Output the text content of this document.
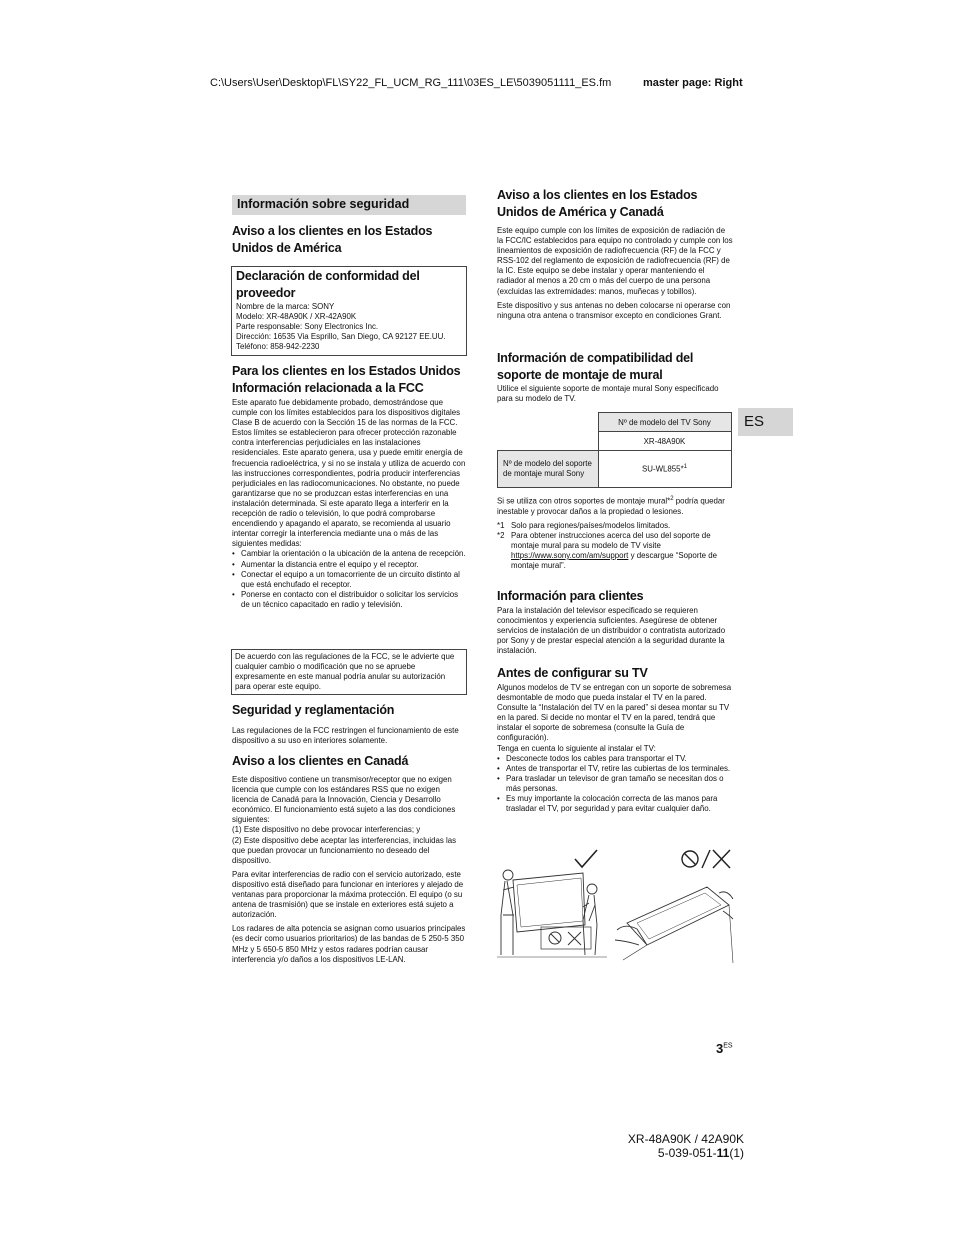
C:\Users\User\Desktop\FL\SY22_FL_UCM_RG_111\03ES_LE\5039051111_ES.fm	master page: Right
Información sobre seguridad

Aviso a los clientes en los Estados Unidos de América

Declaración de conformidad del proveedor

Nombre de la marca: SONY

Modelo: XR-48A90K / XR-42A90K

Parte responsable: Sony Electronics Inc.

Dirección: 16535 Via Esprillo, San Diego, CA 92127 EE.UU.

Teléfono: 858-942-2230

Para los clientes en los Estados Unidos Información relacionada a la FCC

Este aparato fue debidamente probado, demostrándose que cumple con los límites establecidos para los dispositivos digitales Clase B de acuerdo con la Sección 15 de las normas de la FCC. Estos límites se establecieron para ofrecer protección razonable contra interferencias perjudiciales en las instalaciones residenciales. Este aparato genera, usa y puede emitir energía de frecuencia radioeléctrica, y si no se instala y utiliza de acuerdo con las instrucciones correspondientes, podría producir interferencias perjudiciales en las radiocomunicaciones. No obstante, no puede garantizarse que no se produzcan estas interferencias en una instalación determinada. Si este aparato llega a interferir en la recepción de radio o televisión, lo que podrá comprobarse encendiendo y apagando el aparato, se recomienda al usuario intentar corregir la interferencia mediante una o más de las siguientes medidas:

• Cambiar la orientación o la ubicación de la antena de recepción.
• Aumentar la distancia entre el equipo y el receptor.
• Conectar el equipo a un tomacorriente de un circuito distinto al que está enchufado el receptor.
• Ponerse en contacto con el distribuidor o solicitar los servicios de un técnico capacitado en radio y televisión.

De acuerdo con las regulaciones de la FCC, se le advierte que cualquier cambio o modificación que no se apruebe expresamente en este manual podría anular su autorización para operar este equipo.

Seguridad y reglamentación

Las regulaciones de la FCC restringen el funcionamiento de este dispositivo a su uso en interiores solamente.

Aviso a los clientes en Canadá

Este dispositivo contiene un transmisor/receptor que no exigen licencia que cumple con los estándares RSS que no exigen licencia de Canadá para la Innovación, Ciencia y Desarrollo económico. El funcionamiento está sujeto a las dos condiciones siguientes:

(1) Este dispositivo no debe provocar interferencias; y

(2) Este dispositivo debe aceptar las interferencias, incluidas las que puedan provocar un funcionamiento no deseado del dispositivo.

Para evitar interferencias de radio con el servicio autorizado, este dispositivo está diseñado para funcionar en interiores y alejado de ventanas para proporcionar la máxima protección. El equipo (o su antena de trasmisión) que se instale en exteriores está sujeto a autorización.

Los radares de alta potencia se asignan como usuarios principales (es decir como usuarios prioritarios) de las bandas de 5 250-5 350 MHz y 5 650-5 850 MHz y estos radares podrían causar interferencia y/o daños a los dispositivos LE-LAN.

Aviso a los clientes en los Estados Unidos de América y Canadá

Este equipo cumple con los límites de exposición de radiación de la FCC/IC establecidos para equipo no controlado y cumple con los lineamientos de exposición de radiofrecuencia (RF) de la FCC y RSS-102 del reglamento de exposición de radiofrecuencia (RF) de la IC. Este equipo se debe instalar y operar manteniendo el radiador al menos a 20 cm o más del cuerpo de una persona (excluidas las extremidades: manos, muñecas y tobillos).

Este dispositivo y sus antenas no deben colocarse ni operarse con ninguna otra antena o transmisor excepto en condiciones Grant.

Información de compatibilidad del soporte de montaje de mural

Utilice el siguiente soporte de montaje mural Sony especificado para su modelo de TV.

	Nº de modelo del TV Sony
	XR-48A90K
Nº de modelo del soporte de montaje mural Sony	SU-WL855*$^1$

Si se utiliza con otros soportes de montaje mural*$^2$ podría quedar inestable y provocar daños a la propiedad o lesiones.

*1 Solo para regiones/países/modelos limitados.
*2 Para obtener instrucciones acerca del uso del soporte de montaje mural para su modelo de TV visite https://www.sony.com/am/support y descargue “Soporte de montaje mural”.

Información para clientes

Para la instalación del televisor especificado se requieren conocimientos y experiencia suficientes. Asegúrese de obtener servicios de instalación de un distribuidor o contratista autorizado por Sony y de prestar especial atención a la seguridad durante la instalación.

Antes de configurar su TV

Algunos modelos de TV se entregan con un soporte de sobremesa desmontable de modo que pueda instalar el TV en la pared. Consulte la “Instalación del TV en la pared” si desea montar su TV en la pared. Si decide no montar el TV en la pared, tendrá que instalar el soporte de sobremesa (consulte la Guía de configuración).

Tenga en cuenta lo siguiente al instalar el TV:

• Desconecte todos los cables para transportar el TV.
• Antes de transportar el TV, retire las cubiertas de los terminales.
• Para trasladar un televisor de gran tamaño se necesitan dos o más personas.
• Es muy importante la colocación correcta de las manos para trasladar el TV, por seguridad y para evitar cualquier daño.
ES
$3^{ES}$
XR-48A90K / 42A90K
5-039-051-11(1)
